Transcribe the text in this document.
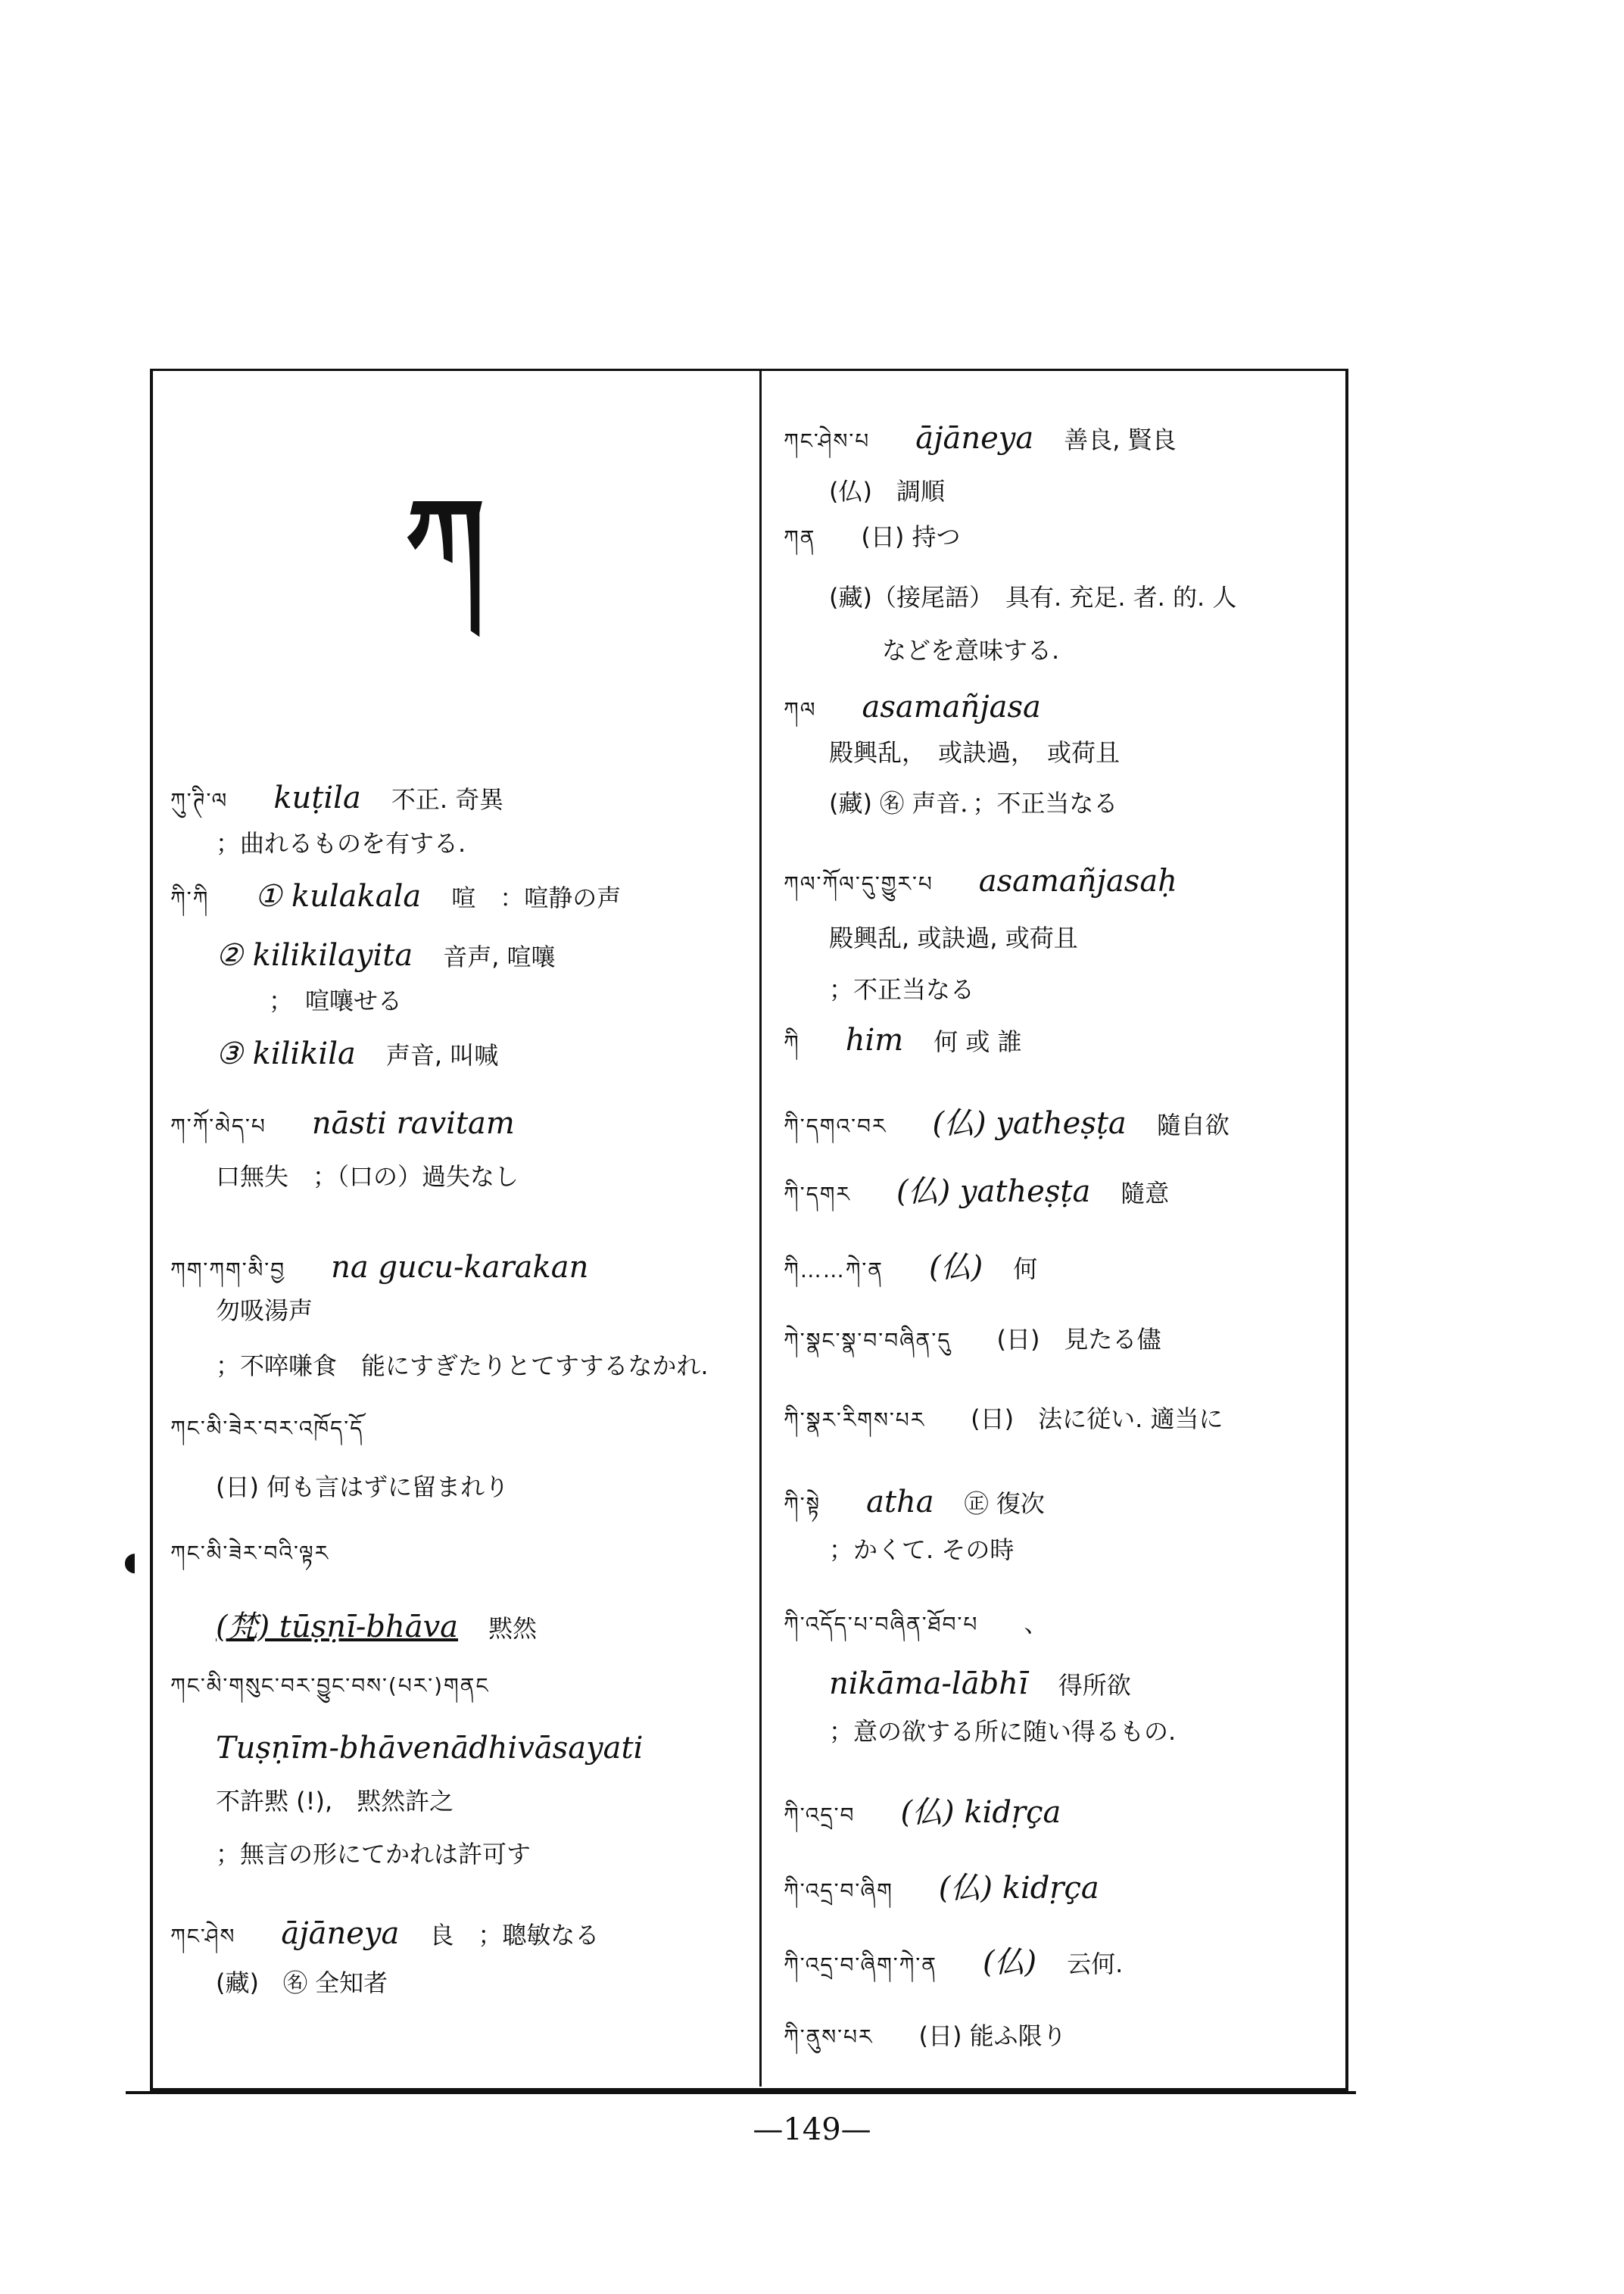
◖
ཀ
ཀུ་ཊི་ལ kuṭila 不正. 奇異
；曲れるものを有する.
ཀི་ཀི ① kulakala 喧　：喧静の声
② kilikilayita 音声, 喧嚷
；　喧嚷せる
③ kilikila 声音, 叫喊
ཀ་ཀོ་མེད་པ nāsti ravitam
口無失　；（口の）過失なし
ཀག་ཀག་མི་བྱ na gucu-karakan
勿吸湯声
；不啐嗛食　能にすぎたりとてすするなかれ.
ཀང་མི་ཟེར་བར་འཁོད་དོ
(日) 何も言はずに留まれり
ཀང་མི་ཟེར་བའི་ལྟར
(梵) tūṣṇī-bhāva 黙然
ཀང་མི་གསུང་བར་བྱུང་བས་(པར་)གནང
Tuṣṇīm-bhāvenādhivāsayati
不許黙 (!),　黙然許之
；無言の形にてかれは許可す
ཀང་ཤེས ājāneya 良　；聰敏なる
(藏)　㊔ 全知者
ཀང་ཤེས་པ ājāneya 善良, 賢良
(仏)　調順
ཀན (日) 持つ
(藏)（接尾語）　具有. 充足. 者. 的. 人
などを意味する.
ཀལ asamañjasa
殿興乱，　或訣過，　或荷且
(藏) ㊔ 声音．；不正当なる
ཀལ་ཀོལ་དུ་གྱུར་པ asamañjasaḥ
殿興乱, 或訣過, 或荷且
；不正当なる
ཀི him 何 或 誰
ཀི་དགའ་བར (仏) yatheṣṭa 隨自欲
ཀི་དགར (仏) yatheṣṭa 隨意
ཀི……ཀེ་ན (仏) 何
ཀེ་སྣང་སྣ་བ་བཞིན་དུ (日)　見たる儘
ཀི་སྣར་རིགས་པར (日)　法に従い. 適当に
ཀི་སྟེ atha ㊣ 復次
；かくて. その時
ཀི་འདོད་པ་བཞིན་ཐོབ་པ 、
nikāma-lābhī 得所欲
；意の欲する所に随い得るもの.
ཀི་འདྲ་བ (仏) kidṛça
ཀི་འདྲ་བ་ཞིག (仏) kidṛça
ཀི་འདྲ་བ་ཞིག་ཀེ་ན (仏) 云何.
ཀི་ནུས་པར (日) 能ふ限り
—149—
